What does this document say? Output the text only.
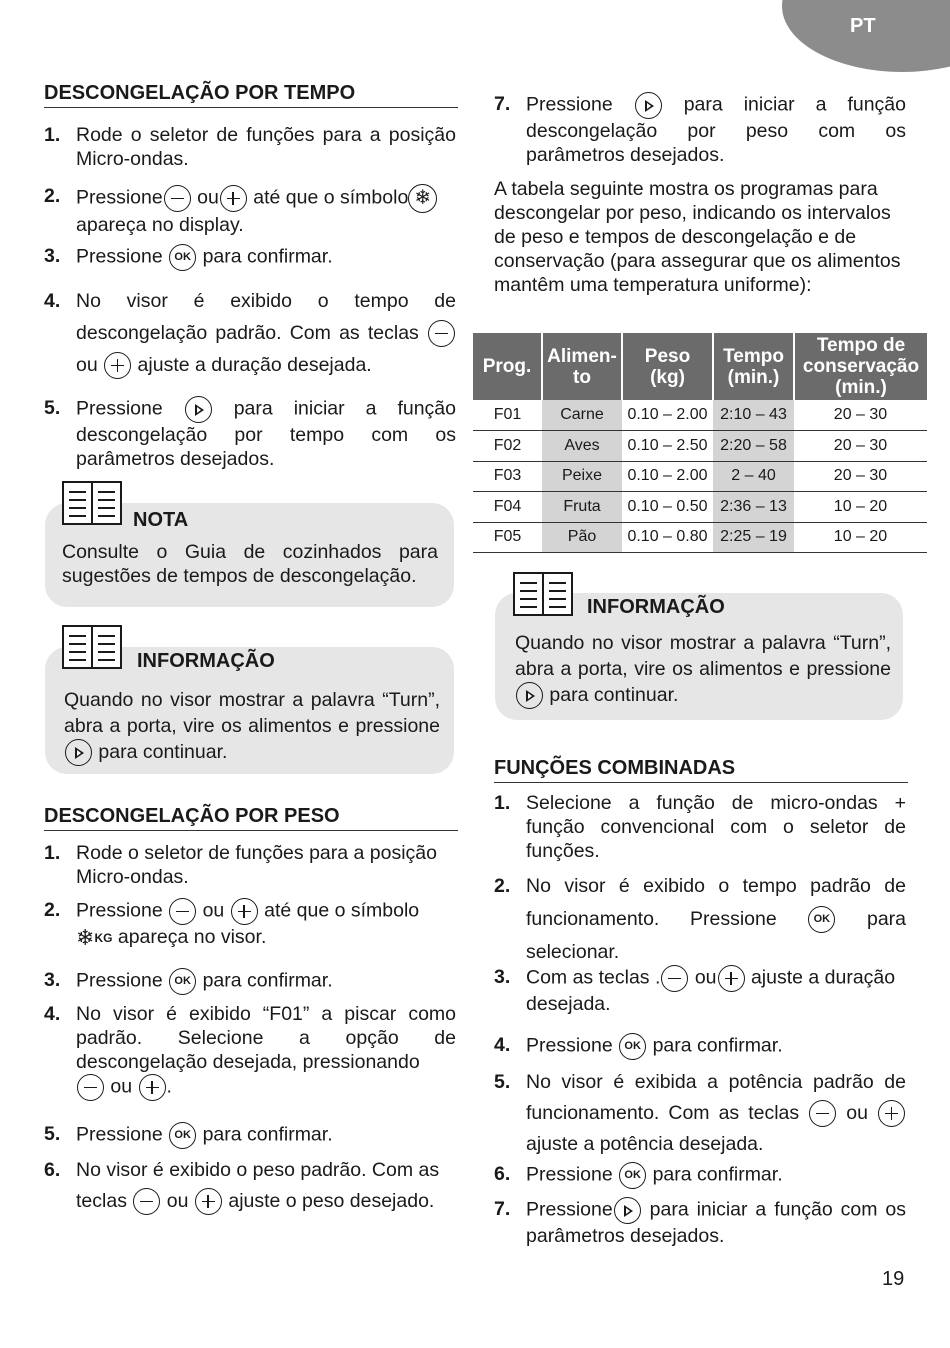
PT
DESCONGELAÇÃO POR TEMPO
1. Rode o seletor de funções para a posição Micro-ondas.
2. Pressione ou até que o símbolo ❄
apareça no display.
3. Pressione OK para confirmar.
4. No visor é exibido o tempo de descongelação padrão. Com as teclas  ou ajuste a duração desejada.
5. Pressione	para iniciar a função descongelação por tempo com os parâmetros desejados.
NOTA
Consulte o Guia de cozinhados para sugestões de tempos de descongelação.
INFORMAÇÃO
Quando no visor mostrar a palavra “Turn”, abra a porta, vire os alimentos e pressione para continuar.
DESCONGELAÇÃO POR PESO
1. Rode o seletor de funções para a posição Micro-ondas.
2. Pressione ou até que o símbolo
❄KG apareça no visor.
3. Pressione OK para confirmar.
4. No visor é exibido “F01” a piscar como padrão. Selecione a opção de descongelação desejada, pressionando
ou .
5. Pressione OK para confirmar.
6. No visor é exibido o peso padrão. Com as teclas ou ajuste o peso desejado.
7. Pressione	para iniciar a função descongelação por peso com os parâmetros desejados.
A tabela seguinte mostra os programas para descongelar por peso, indicando os intervalos de peso e tempos de descongelação e de conservação (para assegurar que os alimentos mantêm uma temperatura uniforme):
Prog.	Alimen-to	Peso (kg)	Tempo (min.)	Tempo de conservação (min.)
F01	Carne	0.10 – 2.00	2:10 – 43	20 – 30
F02	Aves	0.10 – 2.50	2:20 – 58	20 – 30
F03	Peixe	0.10 – 2.00	2 – 40	20 – 30
F04	Fruta	0.10 – 0.50	2:36 – 13	10 – 20
F05	Pão	0.10 – 0.80	2:25 – 19	10 – 20
INFORMAÇÃO
Quando no visor mostrar a palavra “Turn”, abra a porta, vire os alimentos e pressione para continuar.
FUNÇÕES COMBINADAS
1. Selecione a função de micro-ondas + função convencional com o seletor de funções.
2. No visor é exibido o tempo padrão de funcionamento. Pressione	OK para selecionar.
3. Com as teclas . ou ajuste a duração desejada.
4. Pressione OK para confirmar.
5. No visor é exibida a potência padrão de funcionamento. Com as teclas ou  ajuste a potência desejada.
6. Pressione OK para confirmar.
7. Pressione para iniciar a função com os parâmetros desejados.
19
